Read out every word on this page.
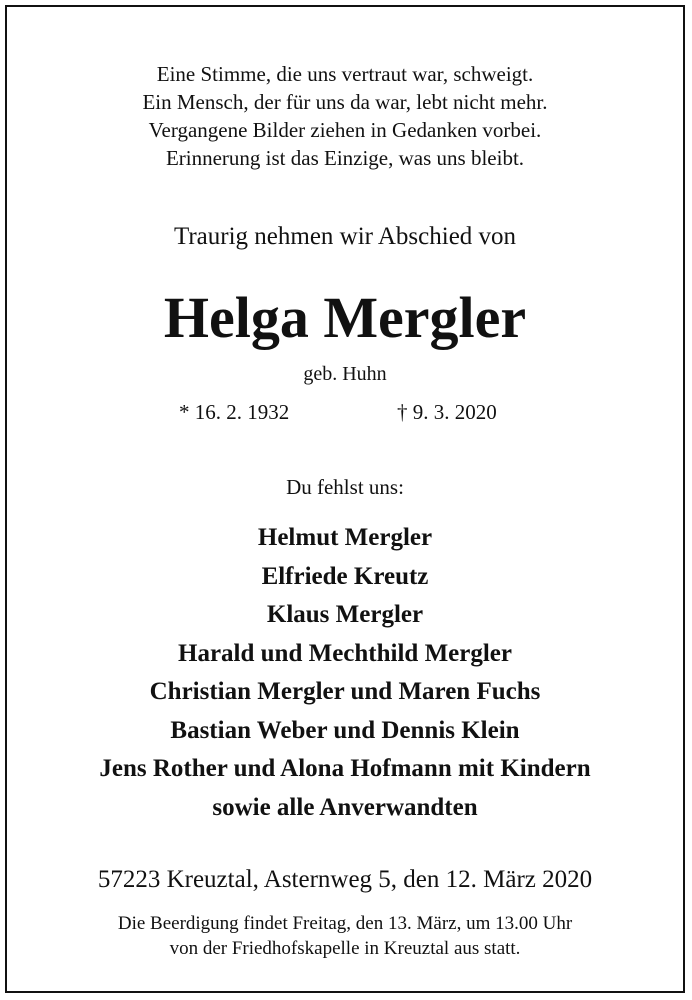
Eine Stimme, die uns vertraut war, schweigt.
Ein Mensch, der für uns da war, lebt nicht mehr.
Vergangene Bilder ziehen in Gedanken vorbei.
Erinnerung ist das Einzige, was uns bleibt.
Traurig nehmen wir Abschied von
Helga Mergler
geb. Huhn
* 16. 2. 1932	† 9. 3. 2020
Du fehlst uns:
Helmut Mergler
Elfriede Kreutz
Klaus Mergler
Harald und Mechthild Mergler
Christian Mergler und Maren Fuchs
Bastian Weber und Dennis Klein
Jens Rother und Alona Hofmann mit Kindern
sowie alle Anverwandten
57223 Kreuztal, Asternweg 5, den 12. März 2020
Die Beerdigung findet Freitag, den 13. März, um 13.00 Uhr
von der Friedhofskapelle in Kreuztal aus statt.
